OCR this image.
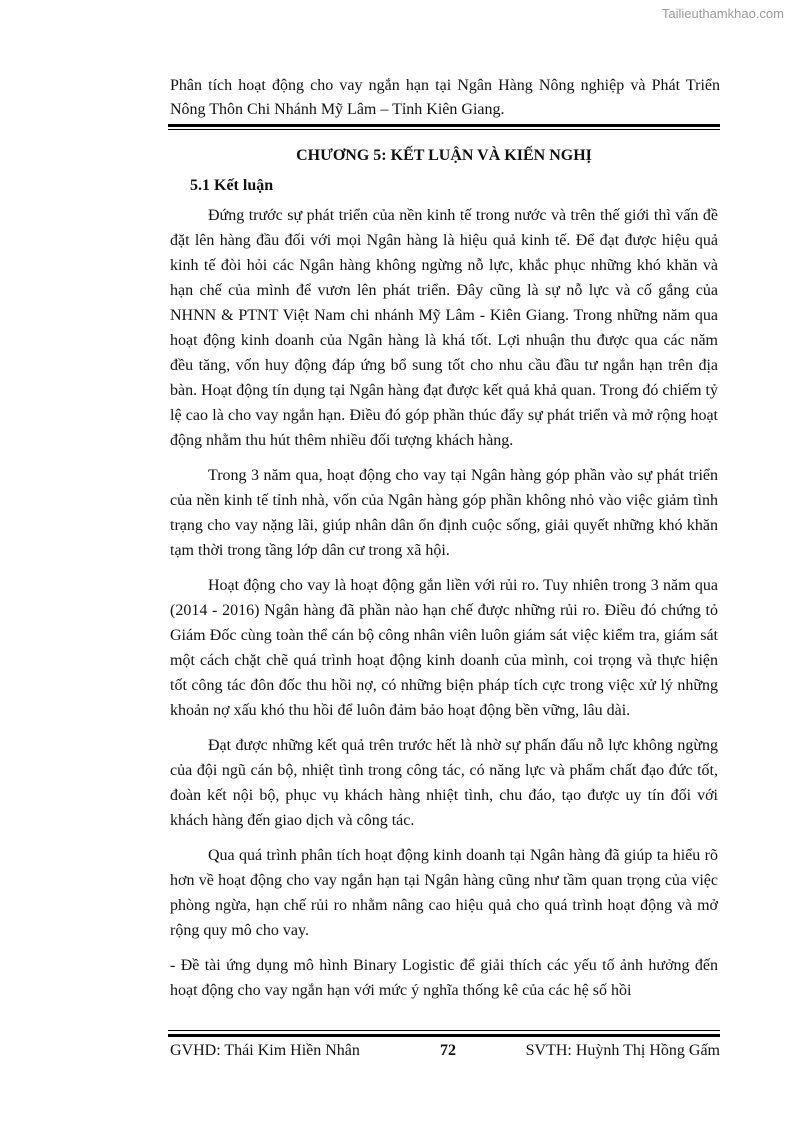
Tailieuthamkhao.com
Phân tích hoạt động cho vay ngắn hạn tại Ngân Hàng Nông nghiệp và Phát Triển Nông Thôn Chi Nhánh Mỹ Lâm – Tỉnh Kiên Giang.
CHƯƠNG 5: KẾT LUẬN VÀ KIẾN NGHỊ
5.1 Kết luận

Đứng trước sự phát triển của nền kinh tế trong nước và trên thế giới thì vấn đề đặt lên hàng đầu đối với mọi Ngân hàng là hiệu quả kinh tế. Để đạt được hiệu quả kinh tế đòi hỏi các Ngân hàng không ngừng nỗ lực, khắc phục những khó khăn và hạn chế của mình để vươn lên phát triển. Đây cũng là sự nỗ lực và cố gắng của NHNN & PTNT Việt Nam chi nhánh Mỹ Lâm - Kiên Giang. Trong những năm qua hoạt động kinh doanh của Ngân hàng là khá tốt. Lợi nhuận thu được qua các năm đều tăng, vốn huy động đáp ứng bổ sung tốt cho nhu cầu đầu tư ngắn hạn trên địa bàn. Hoạt động tín dụng tại Ngân hàng đạt được kết quả khả quan. Trong đó chiếm tỷ lệ cao là cho vay ngắn hạn. Điều đó góp phần thúc đẩy sự phát triển và mở rộng hoạt động nhằm thu hút thêm nhiều đối tượng khách hàng.

Trong 3 năm qua, hoạt động cho vay tại Ngân hàng góp phần vào sự phát triển của nền kinh tế tỉnh nhà, vốn của Ngân hàng góp phần không nhỏ vào việc giảm tình trạng cho vay nặng lãi, giúp nhân dân ổn định cuộc sống, giải quyết những khó khăn tạm thời trong tầng lớp dân cư trong xã hội.

Hoạt động cho vay là hoạt động gắn liền với rủi ro. Tuy nhiên trong 3 năm qua (2014 - 2016) Ngân hàng đã phần nào hạn chế được những rủi ro. Điều đó chứng tỏ Giám Đốc cùng toàn thể cán bộ công nhân viên luôn giám sát việc kiểm tra, giám sát một cách chặt chẽ quá trình hoạt động kinh doanh của mình, coi trọng và thực hiện tốt công tác đôn đốc thu hồi nợ, có những biện pháp tích cực trong việc xử lý những khoản nợ xấu khó thu hồi để luôn đảm bảo hoạt động bền vững, lâu dài.

Đạt được những kết quả trên trước hết là nhờ sự phấn đấu nỗ lực không ngừng của đội ngũ cán bộ, nhiệt tình trong công tác, có năng lực và phẩm chất đạo đức tốt, đoàn kết nội bộ, phục vụ khách hàng nhiệt tình, chu đáo, tạo được uy tín đối với khách hàng đến giao dịch và công tác.

Qua quá trình phân tích hoạt động kinh doanh tại Ngân hàng đã giúp ta hiểu rõ hơn về hoạt động cho vay ngắn hạn tại Ngân hàng cũng như tầm quan trọng của việc phòng ngừa, hạn chế rủi ro nhằm nâng cao hiệu quả cho quá trình hoạt động và mở rộng quy mô cho vay.

- Đề tài ứng dụng mô hình Binary Logistic để giải thích các yếu tố ảnh hưởng đến hoạt động cho vay ngắn hạn với mức ý nghĩa thống kê của các hệ số hồi

GVHD: Thái Kim Hiền Nhân	72	SVTH: Huỳnh Thị Hồng Gấm
